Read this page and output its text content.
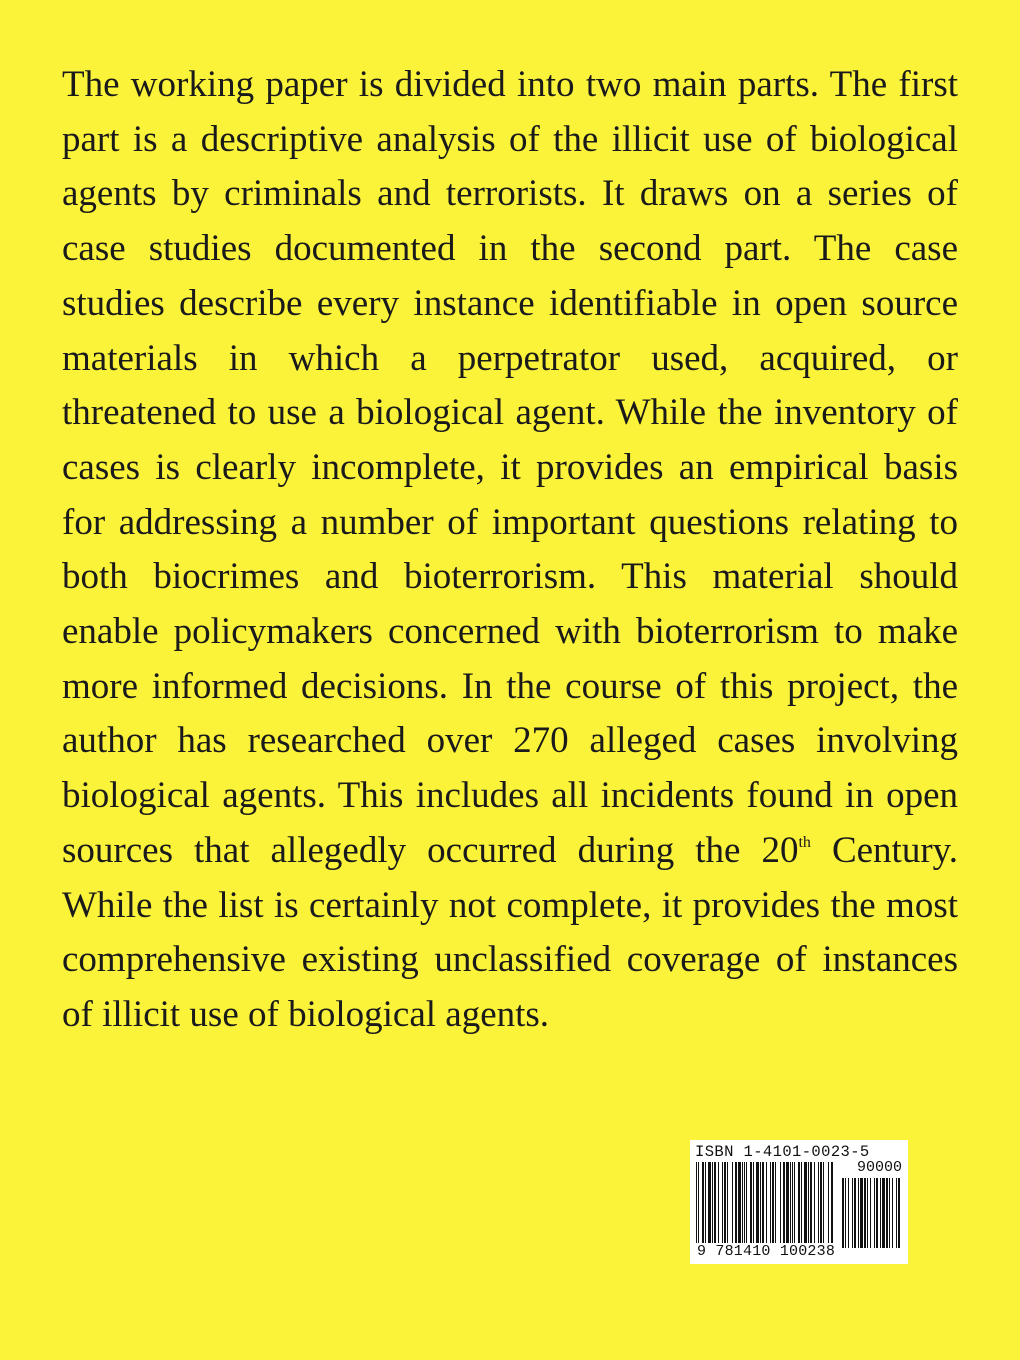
The working paper is divided into two main parts. The first part is a descriptive analysis of the illicit use of biological agents by criminals and terrorists. It draws on a series of case studies documented in the second part. The case studies describe every instance identifiable in open source materials in which a perpetrator used, acquired, or threatened to use a biological agent. While the inventory of cases is clearly incomplete, it provides an empirical basis for addressing a number of important questions relating to both biocrimes and bioterrorism. This material should enable policymakers concerned with bioterrorism to make more informed decisions. In the course of this project, the author has researched over 270 alleged cases involving biological agents. This includes all incidents found in open sources that allegedly occurred during the 20th Century. While the list is certainly not complete, it provides the most comprehensive existing unclassified coverage of instances of illicit use of biological agents.

ISBN 1-4101-0023-5
90000
9 781410 100238
